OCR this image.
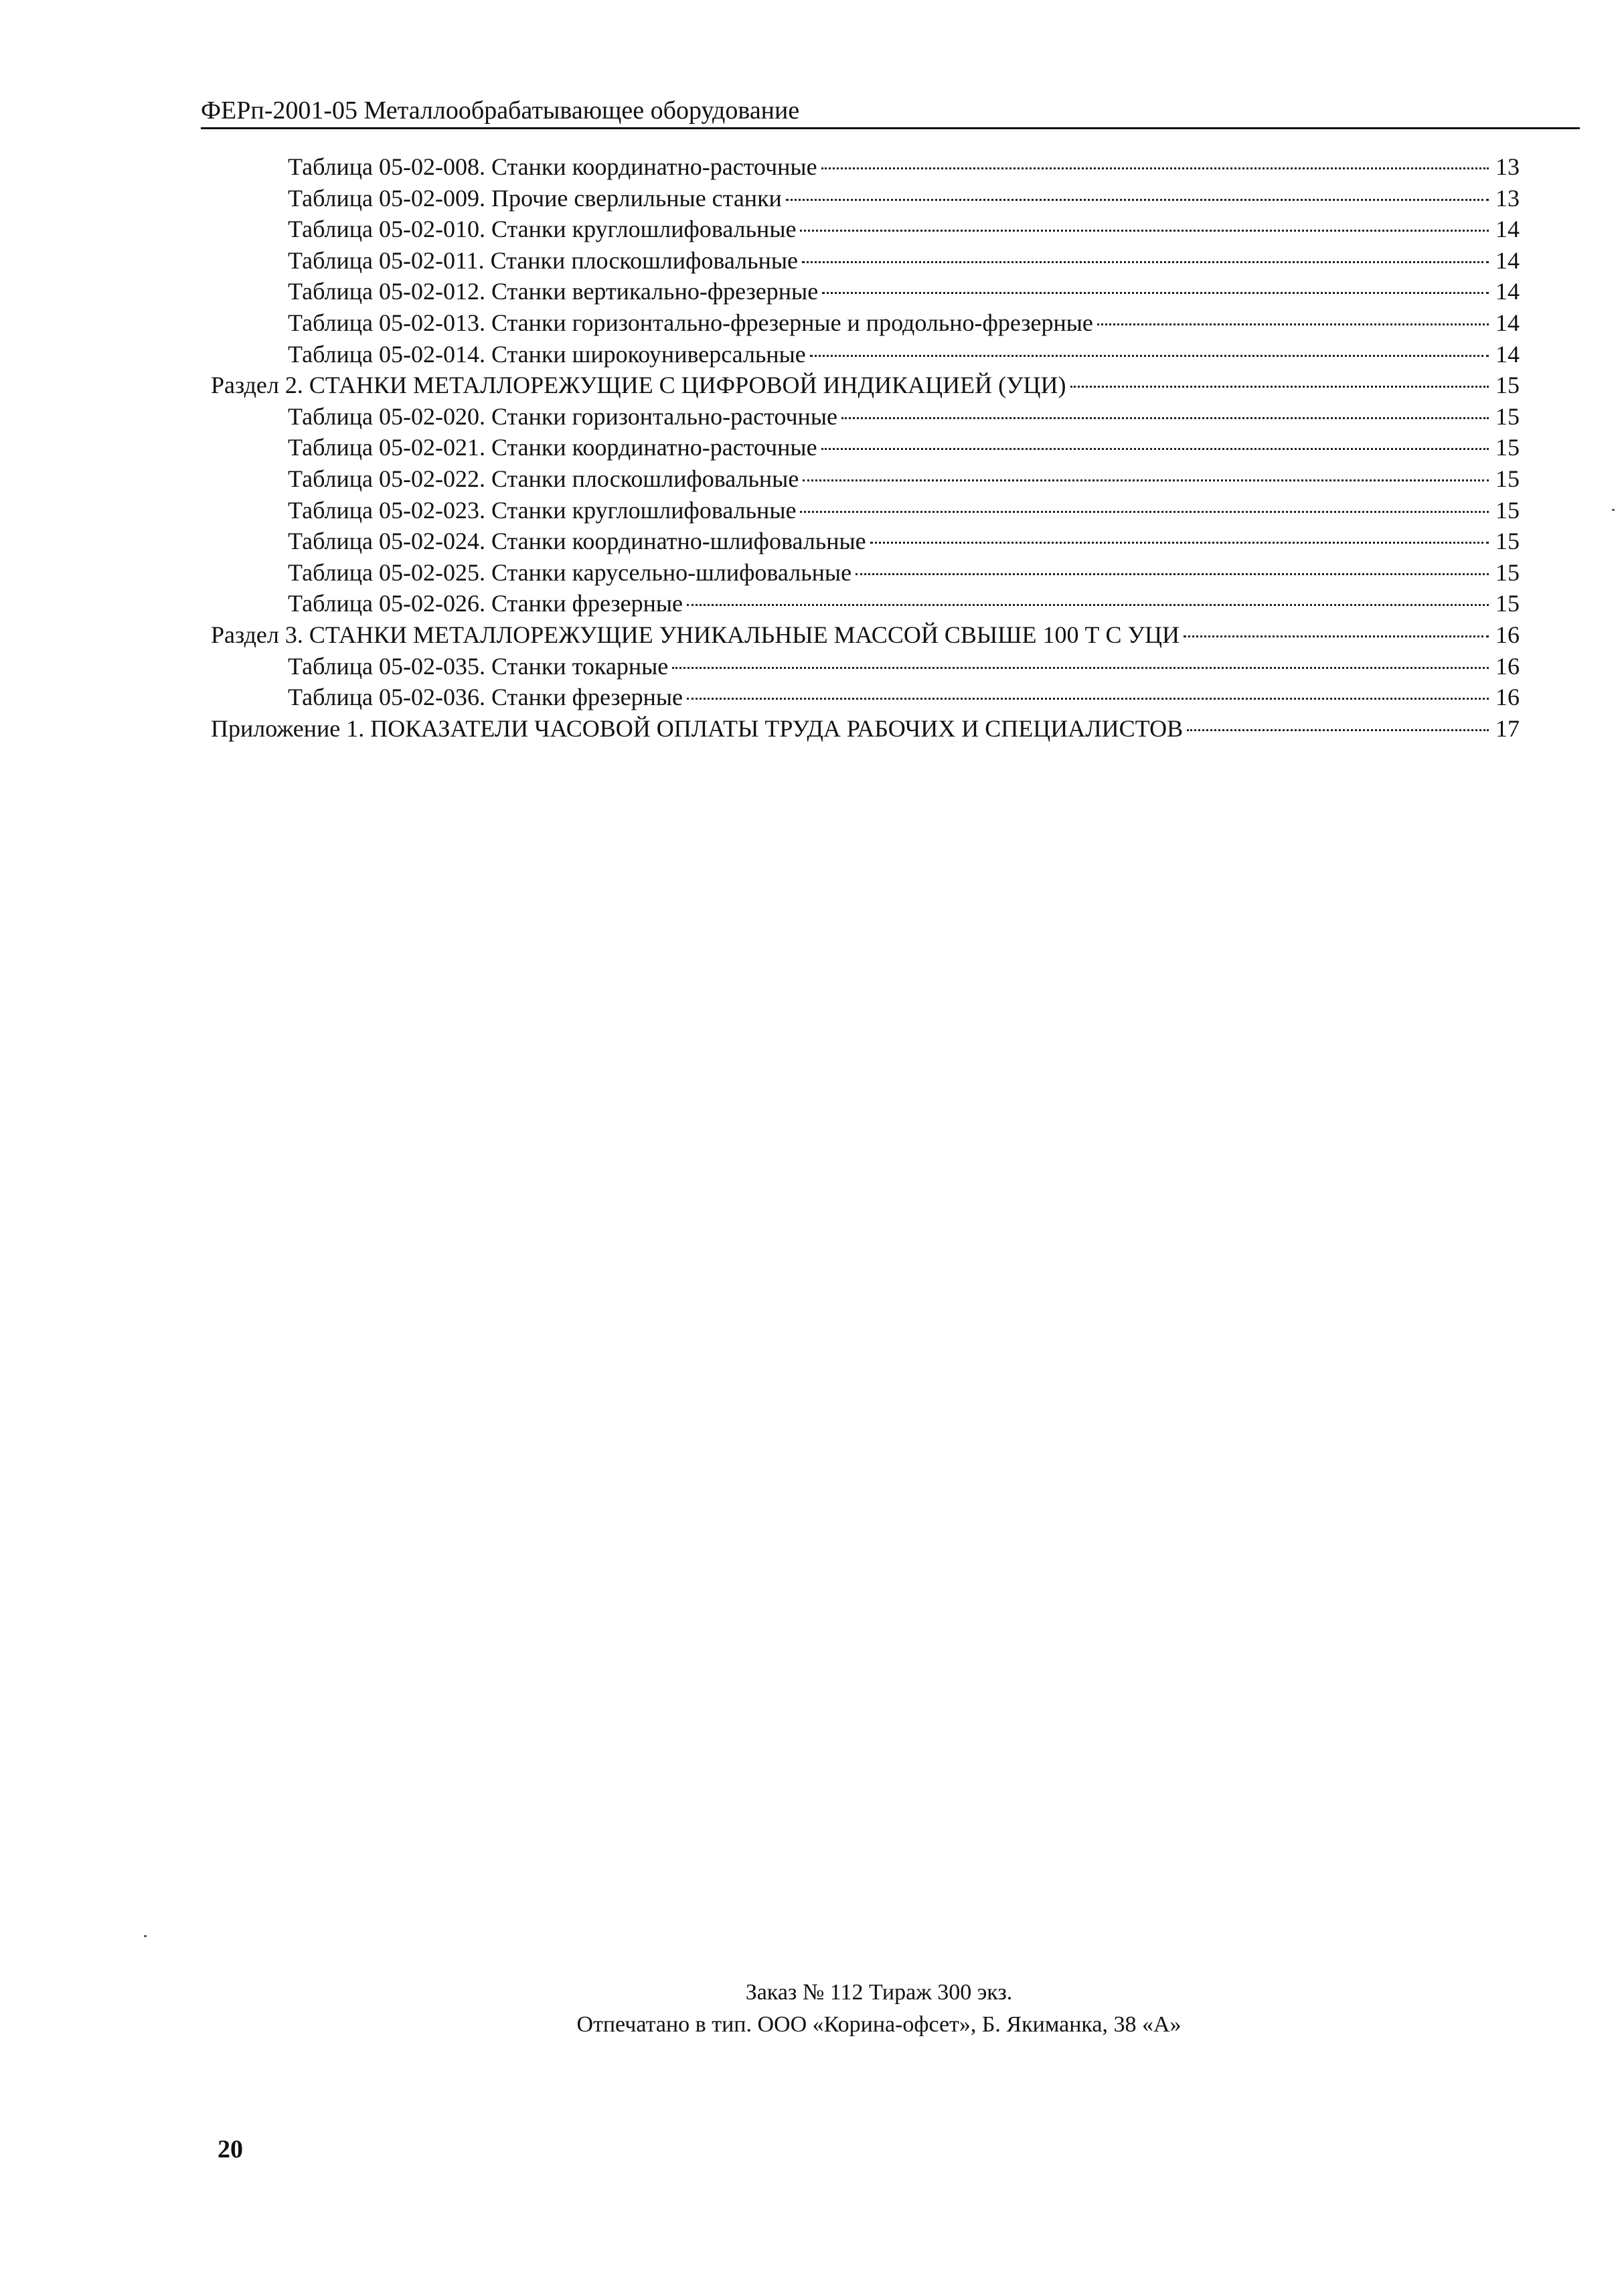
ФЕРп-2001-05 Металлообрабатывающее оборудование
Таблица 05-02-008. Станки координатно-расточные	13
Таблица 05-02-009. Прочие сверлильные станки	13
Таблица 05-02-010. Станки круглошлифовальные	14
Таблица 05-02-011. Станки плоскошлифовальные	14
Таблица 05-02-012. Станки вертикально-фрезерные	14
Таблица 05-02-013. Станки горизонтально-фрезерные и продольно-фрезерные	14
Таблица 05-02-014. Станки широкоуниверсальные	14
Раздел 2. СТАНКИ МЕТАЛЛОРЕЖУЩИЕ С ЦИФРОВОЙ ИНДИКАЦИЕЙ (УЦИ)	15
Таблица 05-02-020. Станки горизонтально-расточные	15
Таблица 05-02-021. Станки координатно-расточные	15
Таблица 05-02-022. Станки плоскошлифовальные	15
Таблица 05-02-023. Станки круглошлифовальные	15
Таблица 05-02-024. Станки координатно-шлифовальные	15
Таблица 05-02-025. Станки карусельно-шлифовальные	15
Таблица 05-02-026. Станки фрезерные	15
Раздел 3. СТАНКИ МЕТАЛЛОРЕЖУЩИЕ УНИКАЛЬНЫЕ МАССОЙ СВЫШЕ 100 Т С УЦИ	16
Таблица 05-02-035. Станки токарные	16
Таблица 05-02-036. Станки фрезерные	16
Приложение 1. ПОКАЗАТЕЛИ ЧАСОВОЙ ОПЛАТЫ ТРУДА РАБОЧИХ И СПЕЦИАЛИСТОВ	17
Заказ № 112 Тираж 300 экз.
Отпечатано в тип. ООО «Корина-офсет», Б. Якиманка, 38 «А»
20
